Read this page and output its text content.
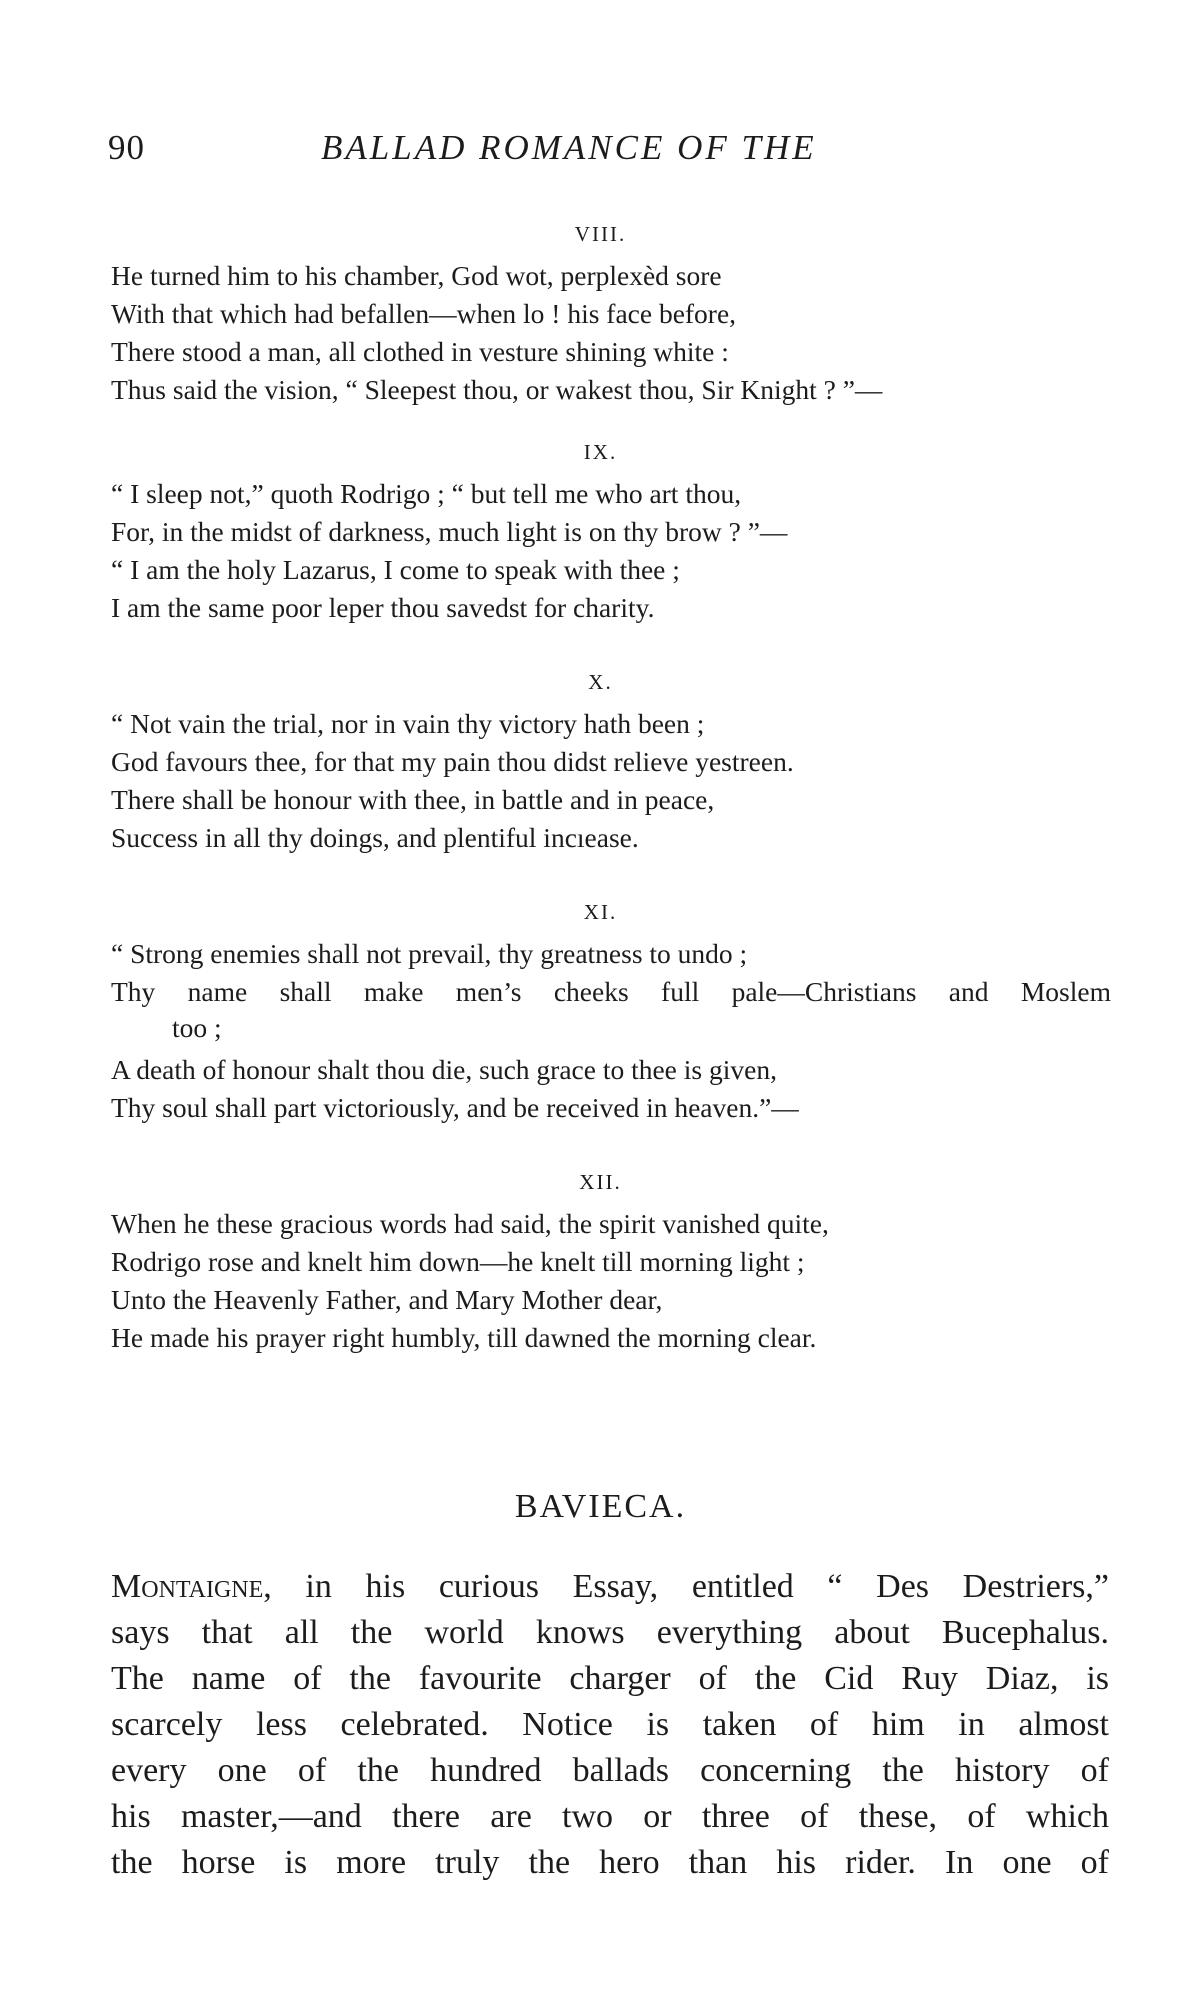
90	BALLAD ROMANCE OF THE
VIII.
He turned him to his chamber, God wot, perplexèd sore
With that which had befallen—when lo ! his face before,
There stood a man, all clothed in vesture shining white :
Thus said the vision, “ Sleepest thou, or wakest thou, Sir Knight ? ”—
IX.
“ I sleep not,” quoth Rodrigo ; “ but tell me who art thou,
For, in the midst of darkness, much light is on thy brow ? ”—
“ I am the holy Lazarus, I come to speak with thee ;
I am the same poor leper thou savedst for charity.
X.
“ Not vain the trial, nor in vain thy victory hath been ;
God favours thee, for that my pain thou didst relieve yestreen.
There shall be honour with thee, in battle and in peace,
Success in all thy doings, and plentiful incıease.
XI.
“ Strong enemies shall not prevail, thy greatness to undo ;
Thy name shall make men’s cheeks full pale—Christians and Moslem
too ;
A death of honour shalt thou die, such grace to thee is given,
Thy soul shall part victoriously, and be received in heaven.”—
XII.
When he these gracious words had said, the spirit vanished quite,
Rodrigo rose and knelt him down—he knelt till morning light ;
Unto the Heavenly Father, and Mary Mother dear,
He made his prayer right humbly, till dawned the morning clear.
BAVIECA.
Montaigne, in his curious Essay, entitled “ Des Destriers,”
says that all the world knows everything about Bucephalus.
The name of the favourite charger of the Cid Ruy Diaz, is
scarcely less celebrated. Notice is taken of him in almost
every one of the hundred ballads concerning the history of
his master,—and there are two or three of these, of which
the horse is more truly the hero than his rider. In one of
